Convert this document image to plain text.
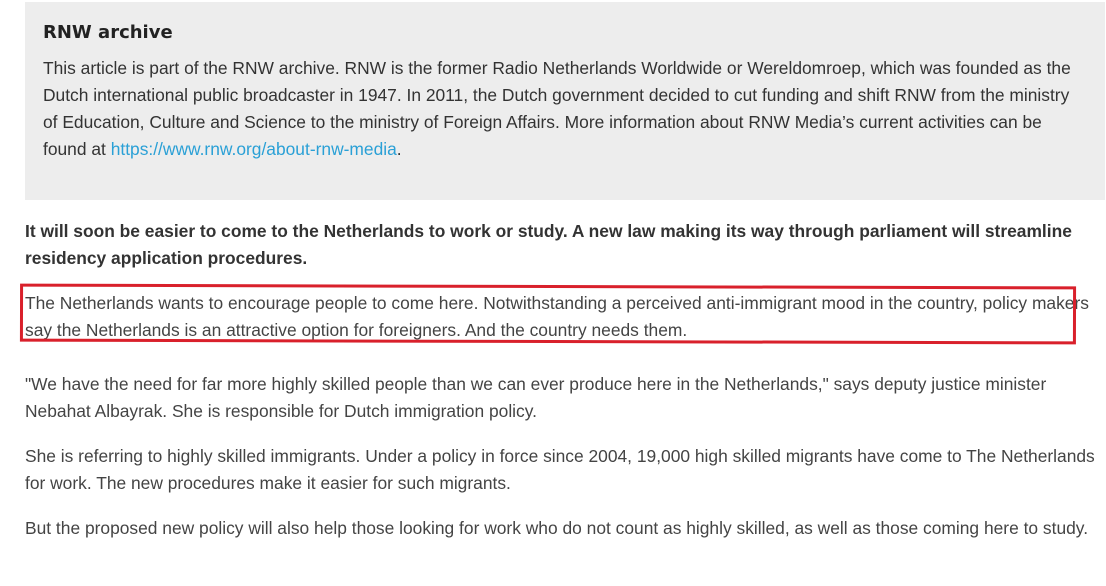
RNW archive

This article is part of the RNW archive. RNW is the former Radio Netherlands Worldwide or Wereldomroep, which was founded as the Dutch international public broadcaster in 1947. In 2011, the Dutch government decided to cut funding and shift RNW from the ministry of Education, Culture and Science to the ministry of Foreign Affairs. More information about RNW Media’s current activities can be found at https://www.rnw.org/about-rnw-media.

It will soon be easier to come to the Netherlands to work or study. A new law making its way through parliament will streamline residency application procedures.

The Netherlands wants to encourage people to come here. Notwithstanding a perceived anti-immigrant mood in the country, policy makers say the Netherlands is an attractive option for foreigners. And the country needs them.

"We have the need for far more highly skilled people than we can ever produce here in the Netherlands," says deputy justice minister Nebahat Albayrak. She is responsible for Dutch immigration policy.

She is referring to highly skilled immigrants. Under a policy in force since 2004, 19,000 high skilled migrants have come to The Netherlands for work. The new procedures make it easier for such migrants.

But the proposed new policy will also help those looking for work who do not count as highly skilled, as well as those coming here to study.
